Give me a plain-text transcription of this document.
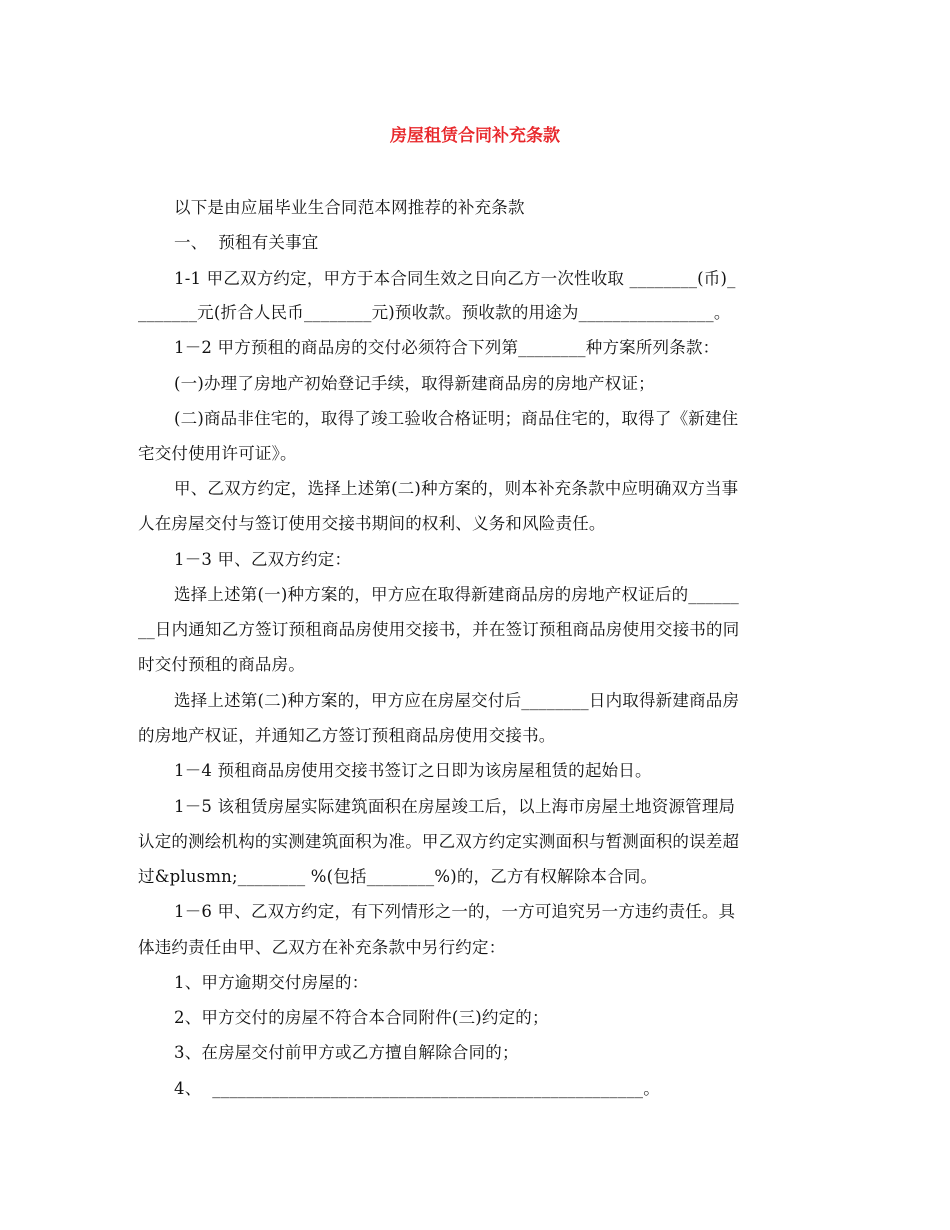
房屋租赁合同补充条款

以下是由应届毕业生合同范本网推荐的补充条款

一、  预租有关事宜

1-1 甲乙双方约定，甲方于本合同生效之日向乙方一次性收取 ________(币)_

_______元(折合人民币________元)预收款。预收款的用途为________________。

1－2 甲方预租的商品房的交付必须符合下列第________种方案所列条款：

(一)办理了房地产初始登记手续，取得新建商品房的房地产权证；

(二)商品非住宅的，取得了竣工验收合格证明；商品住宅的，取得了《新建住

宅交付使用许可证》。

甲、乙双方约定，选择上述第(二)种方案的，则本补充条款中应明确双方当事

人在房屋交付与签订使用交接书期间的权利、义务和风险责任。

1－3 甲、乙双方约定：

选择上述第(一)种方案的，甲方应在取得新建商品房的房地产权证后的______

__日内通知乙方签订预租商品房使用交接书，并在签订预租商品房使用交接书的同

时交付预租的商品房。

选择上述第(二)种方案的，甲方应在房屋交付后________日内取得新建商品房

的房地产权证，并通知乙方签订预租商品房使用交接书。

1－4 预租商品房使用交接书签订之日即为该房屋租赁的起始日。

1－5 该租赁房屋实际建筑面积在房屋竣工后，以上海市房屋土地资源管理局

认定的测绘机构的实测建筑面积为准。甲乙双方约定实测面积与暂测面积的误差超

过&plusmn;________ %(包括________%)的，乙方有权解除本合同。

1－6 甲、乙双方约定，有下列情形之一的，一方可追究另一方违约责任。具

体违约责任由甲、乙双方在补充条款中另行约定：

1、甲方逾期交付房屋的：

2、甲方交付的房屋不符合本合同附件(三)约定的；

3、在房屋交付前甲方或乙方擅自解除合同的；

4、  ___________________________________________________。
